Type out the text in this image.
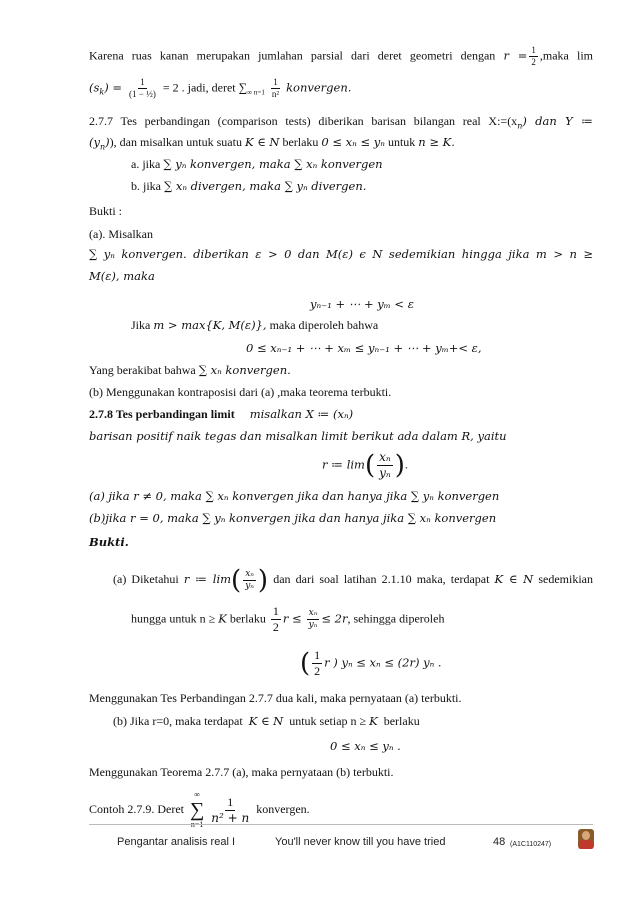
Karena ruas kanan merupakan jumlahan parsial dari deret geometri dengan $r = \frac{1}{2}$ ,maka lim
$(s_k) = \frac{1}{\text{(1 − ½)}} = 2$ . jadi, deret $\sum_{\infty n=1} \frac{1}{\text{n²}}$ konvergen.
2.7.7 Tes perbandingan (comparison tests) diberikan barisan bilangan real $X:=(x_n)$ dan Y ≔
$(y_n)$), dan misalkan untuk suatu K ∈ N berlaku 0 ≤ xₙ ≤ yₙ untuk n ≥ K.
a. jika ∑ yₙ konvergen, maka ∑ xₙ konvergen
b. jika ∑ xₙ divergen, maka ∑ yₙ divergen.
Bukti :
(a). Misalkan
∑ yₙ konvergen. diberikan ε > 0 dan M(ε) ϵ N sedemikian hingga jika m > n ≥
M(ε), maka
yₙ₋₁ + ⋯ + yₘ < ε
Jika m > max{K, M(ε)}, maka diperoleh bahwa
0 ≤ xₙ₋₁ + ⋯ + xₘ ≤ yₙ₋₁ + ⋯ + yₘ+< ε,
Yang berakibat bahwa ∑ xₙ konvergen.
(b) Menggunakan kontraposisi dari (a) ,maka teorema terbukti.
2.7.8 Tes perbandingan limit misalkan X ≔ (xₙ)
barisan positif naik tegas dan misalkan limit berikut ada dalam R, yaitu
r ≔ $\lim( \frac{\text{xₙ}}{\text{yₙ}}$ ).
(a) jika r ≠ 0, maka ∑ xₙ konvergen jika dan hanya jika ∑ yₙ konvergen
(b)jika r = 0, maka ∑ yₙ konvergen jika dan hanya jika ∑ xₙ konvergen
Bukti.
(a) Diketahui r ≔ $\lim( \frac{\text{xₙ}}{\text{yₙ}}$ ) dan dari soal latihan 2.1.10 maka, terdapat K ∈ N sedemikian
hungga untuk n ≥ K berlaku $\frac{1}{2}$ $r \le \frac{\text{xₙ}}{\text{yₙ}} \le 2r$, sehingga diperoleh
( $\frac{1}{2}$ r ) yₙ ≤ xₙ ≤ (2r) yₙ .
Menggunakan Tes Perbandingan 2.7.7 dua kali, maka pernyataan (a) terbukti.
(b) Jika r=0, maka terdapat K ∈ N untuk setiap n ≥ K berlaku
0 ≤ xₙ ≤ yₙ .
Menggunakan Teorema 2.7.7 (a), maka pernyataan (b) terbukti.
Contoh 2.7.9. Deret
∞
∑
$n=1 \frac{1}{\text{n² + n}}$ konvergen.
Pengantar analisis real I	You'll never know till you have tried	48 (A1C110247)
